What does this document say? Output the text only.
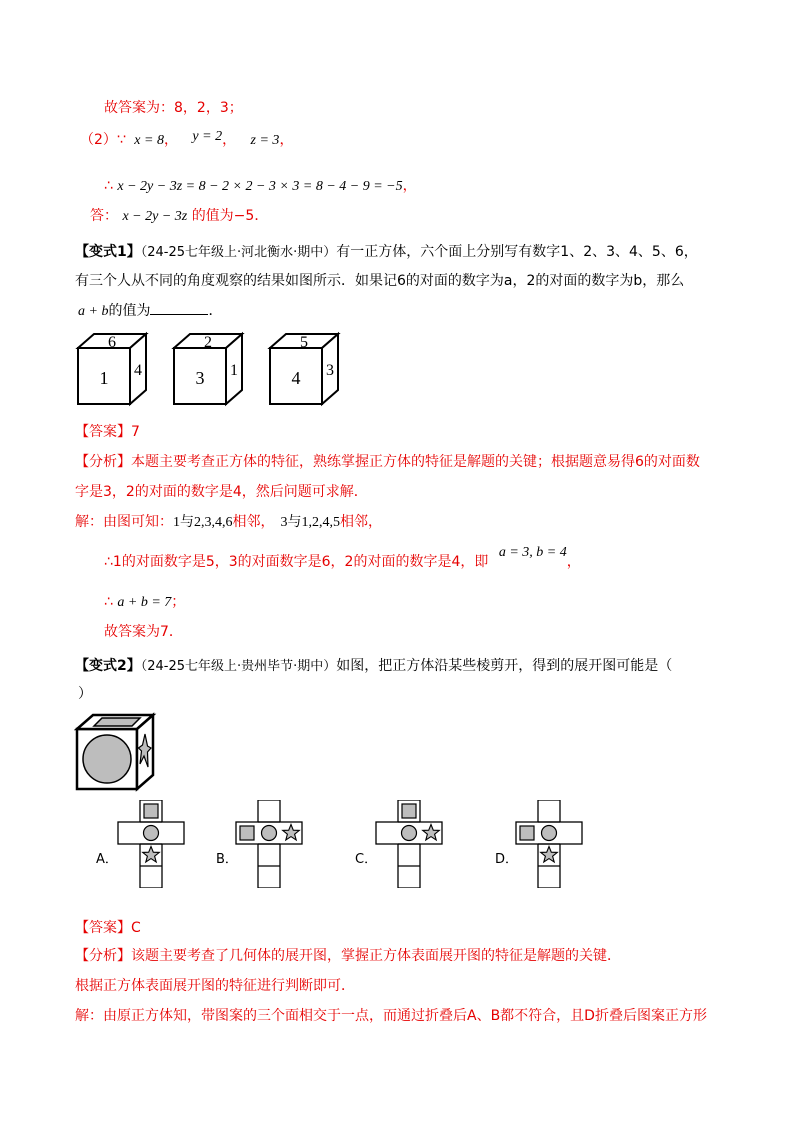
故答案为：8，2，3；
（2）∵ x = 8， y = 2， z = 3，
∴ x − 2y − 3z = 8 − 2 × 2 − 3 × 3 = 8 − 4 − 9 = −5，
答： x − 2y − 3z 的值为−5．
【变式1】（24-25七年级上·河北衡水·期中）有一正方体，六个面上分别写有数字1、2、3、4、5、6，
有三个人从不同的角度观察的结果如图所示．如果记6的对面的数字为a，2的对面的数字为b，那么
a + b的值为	．
6
1 4
2
3 1
5
4 3
【答案】7
【分析】本题主要考查正方体的特征，熟练掌握正方体的特征是解题的关键；根据题意易得6的对面数
字是3，2的对面的数字是4，然后问题可求解．
解：由图可知：1与2,3,4,6相邻， 3与1,2,4,5相邻，
∴1的对面数字是5，3的对面数字是6，2的对面的数字是4，即 a = 3, b = 4，
∴ a + b = 7；
故答案为7．
【变式2】（24-25七年级上·贵州毕节·期中）如图，把正方体沿某些棱剪开，得到的展开图可能是（
）
A．	B．	C．	D．
【答案】C
【分析】该题主要考查了几何体的展开图，掌握正方体表面展开图的特征是解题的关键．
根据正方体表面展开图的特征进行判断即可．
解：由原正方体知，带图案的三个面相交于一点，而通过折叠后A、B都不符合，且D折叠后图案正方形
